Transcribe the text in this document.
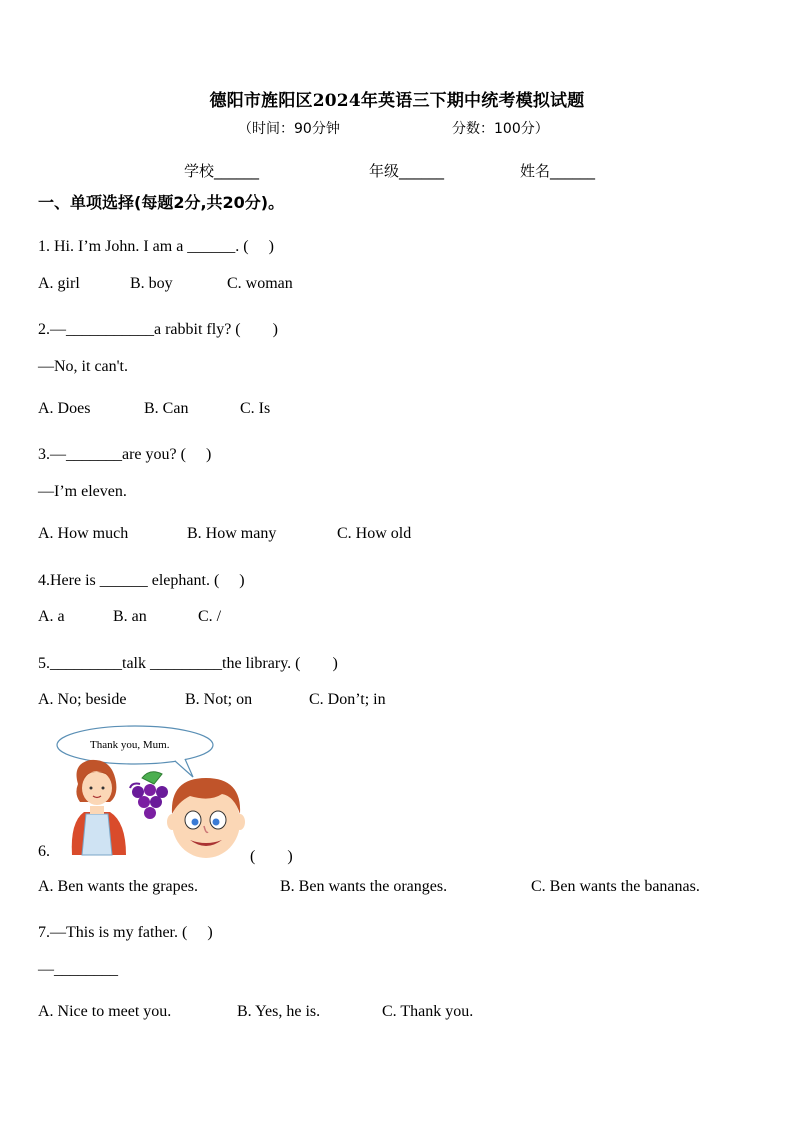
德阳市旌阳区2024年英语三下期中统考模拟试题
（时间：90分钟	分数：100分）
学校______	年级______	姓名______
一、单项选择(每题2分,共20分)。
1. Hi. I’m John. I am a ______. (　 )
A. girl	B. boy	C. woman
2.—___________a rabbit fly? (　　)
—No, it can't.
A. Does	B. Can	C. Is
3.—_______are you? (　 )
—I’m eleven.
A. How much	B. How many	C. How old
4.Here is ______ elephant. (　 )
A. a	B. an	C. /
5._________talk _________the library. (　　)
A. No; beside	B. Not; on	C. Don’t; in
Thank you, Mum.
6.	(　　)
A. Ben wants the grapes.	B. Ben wants the oranges.	C. Ben wants the bananas.
7.—This is my father. (　 )
—________
A. Nice to meet you.	B. Yes, he is.	C. Thank you.
